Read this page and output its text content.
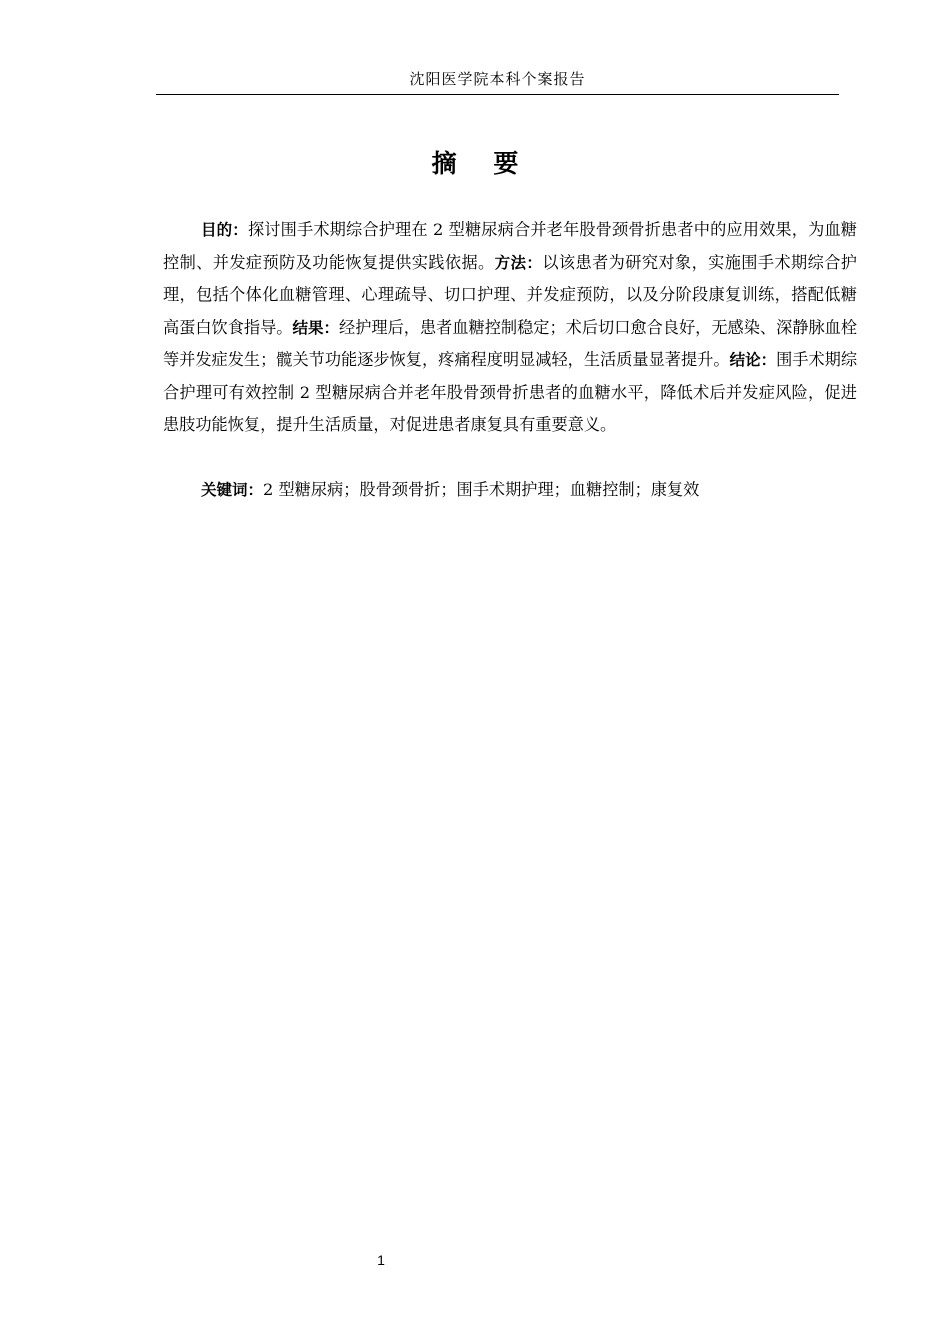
沈阳医学院本科个案报告
摘 要

目的：探讨围手术期综合护理在 2 型糖尿病合并老年股骨颈骨折患者中的应用效果，为血糖控制、并发症预防及功能恢复提供实践依据。方法：以该患者为研究对象，实施围手术期综合护理，包括个体化血糖管理、心理疏导、切口护理、并发症预防，以及分阶段康复训练，搭配低糖高蛋白饮食指导。结果：经护理后，患者血糖控制稳定；术后切口愈合良好，无感染、深静脉血栓等并发症发生；髋关节功能逐步恢复，疼痛程度明显减轻，生活质量显著提升。结论：围手术期综合护理可有效控制 2 型糖尿病合并老年股骨颈骨折患者的血糖水平，降低术后并发症风险，促进患肢功能恢复，提升生活质量，对促进患者康复具有重要意义。

关键词：2 型糖尿病；股骨颈骨折；围手术期护理；血糖控制；康复效

1
